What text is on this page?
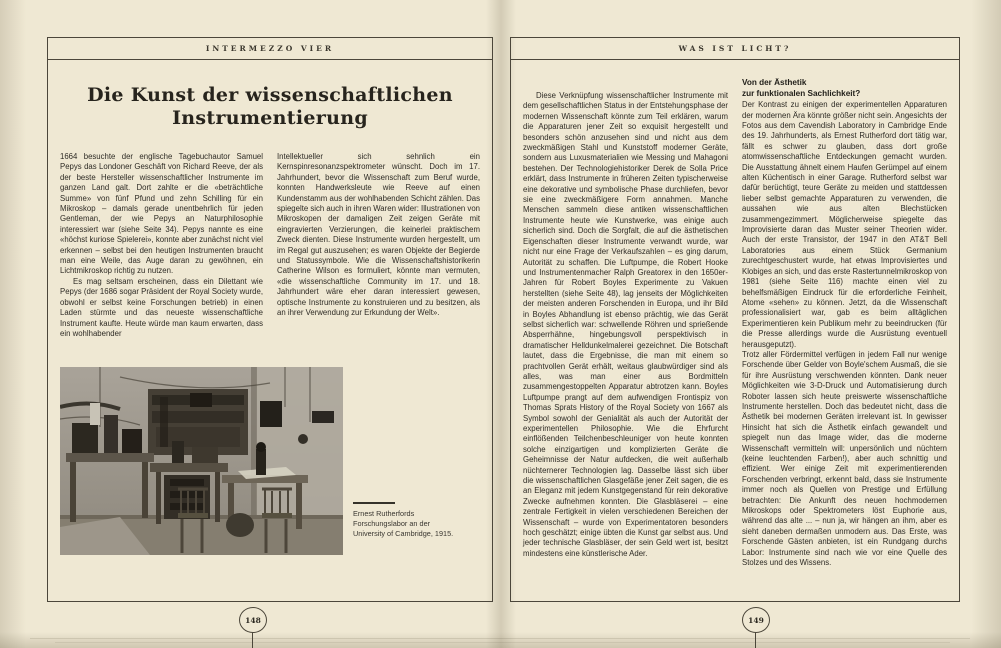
INTERMEZZO VIER
Die Kunst der wissenschaftlichen
Instrumentierung

1664 besuchte der englische Tagebuchautor Samuel Pepys das Londoner Geschäft von Richard Reeve, der als der beste Hersteller wissenschaftlicher Instrumente im ganzen Land galt. Dort zahlte er die «beträchtliche Summe» von fünf Pfund und zehn Schilling für ein Mikroskop – damals gerade unentbehrlich für jeden Gentleman, der wie Pepys an Naturphilosophie interessiert war (siehe Seite 34). Pepys nannte es eine «höchst kuriose Spielerei», konnte aber zunächst nicht viel erkennen – selbst bei den heutigen Instrumenten braucht man eine Weile, das Auge daran zu gewöhnen, ein Lichtmikroskop richtig zu nutzen.

Es mag seltsam erscheinen, dass ein Dilettant wie Pepys (der 1686 sogar Präsident der Royal Society wurde, obwohl er selbst keine Forschungen betrieb) in einen Laden stürmte und das neueste wissenschaftliche Instrument kaufte. Heute würde man kaum erwarten, dass ein wohlhabender

Intellektueller sich sehnlich ein Kernspinresonanzspektrometer wünscht. Doch im 17. Jahrhundert, bevor die Wissenschaft zum Beruf wurde, konnten Handwerksleute wie Reeve auf einen Kundenstamm aus der wohlhabenden Schicht zählen. Das spiegelte sich auch in ihren Waren wider: Illustrationen von Mikroskopen der damaligen Zeit zeigen Geräte mit eingravierten Verzierungen, die keinerlei praktischem Zweck dienten. Diese Instrumente wurden hergestellt, um im Regal gut auszusehen; es waren Objekte der Begierde und Statussymbole. Wie die Wissenschaftshistorikerin Catherine Wilson es formuliert, könnte man vermuten, «die wissenschaftliche Community im 17. und 18. Jahrhundert wäre eher daran interessiert gewesen, optische Instrumente zu konstruieren und zu besitzen, als an ihrer Verwendung zur Erkundung der Welt».

Ernest Rutherfords Forschungslabor an der University of Cambridge, 1915.
WAS IST LICHT?

Diese Verknüpfung wissenschaftlicher Instrumente mit dem gesellschaftlichen Status in der Entstehungsphase der modernen Wissenschaft könnte zum Teil erklären, warum die Apparaturen jener Zeit so exquisit hergestellt und besonders schön anzusehen sind und nicht aus dem zweckmäßigen Stahl und Kunststoff moderner Geräte, sondern aus Luxusmaterialien wie Messing und Mahagoni bestehen. Der Technologiehistoriker Derek de Solla Price erklärt, dass Instrumente in früheren Zeiten typischerweise eine dekorative und symbolische Phase durchliefen, bevor sie eine zweckmäßigere Form annahmen. Manche Menschen sammeln diese antiken wissenschaftlichen Instrumente heute wie Kunstwerke, was einige auch sicherlich sind. Doch die Sorgfalt, die auf die ästhetischen Eigenschaften dieser Instrumente verwandt wurde, war nicht nur eine Frage der Verkaufszahlen – es ging darum, Autorität zu schaffen. Die Luftpumpe, die Robert Hooke und Instrumentenmacher Ralph Greatorex in den 1650er-Jahren für Robert Boyles Experimente zu Vakuen herstellten (siehe Seite 48), lag jenseits der Möglichkeiten der meisten anderen Forschenden in Europa, und ihr Bild in Boyles Abhandlung ist ebenso prächtig, wie das Gerät selbst sicherlich war: schwellende Röhren und sprießende Absperrhähne, hingebungsvoll perspektivisch in dramatischer Helldunkelmalerei gezeichnet. Die Botschaft lautet, dass die Ergebnisse, die man mit einem so prachtvollen Gerät erhält, weitaus glaubwürdiger sind als alles, was man einer aus Bordmitteln zusammengestoppelten Apparatur abtrotzen kann. Boyles Luftpumpe prangt auf dem aufwendigen Frontispiz von Thomas Sprats History of the Royal Society von 1667 als Symbol sowohl der Genialität als auch der Autorität der experimentellen Philosophie. Wie die Ehrfurcht einflößenden Teilchenbeschleuniger von heute konnten solche einzigartigen und komplizierten Geräte die Geheimnisse der Natur aufdecken, die weit außerhalb nüchternerer Technologien lag. Dasselbe lässt sich über die wissenschaftlichen Glasgefäße jener Zeit sagen, die es an Eleganz mit jedem Kunstgegenstand für rein dekorative Zwecke aufnehmen konnten. Die Glasbläserei – eine zentrale Fertigkeit in vielen verschiedenen Bereichen der Wissenschaft – wurde von Experimentatoren besonders hoch geschätzt; einige übten die Kunst gar selbst aus. Und jeder technische Glasbläser, der sein Geld wert ist, besitzt mindestens eine künstlerische Ader.

Von der Ästhetik
zur funktionalen Sachlichkeit?

Der Kontrast zu einigen der experimentellen Apparaturen der modernen Ära könnte größer nicht sein. Angesichts der Fotos aus dem Cavendish Laboratory in Cambridge Ende des 19. Jahrhunderts, als Ernest Rutherford dort tätig war, fällt es schwer zu glauben, dass dort große atomwissenschaftliche Entdeckungen gemacht wurden. Die Ausstattung ähnelt einem Haufen Gerümpel auf einem alten Küchentisch in einer Garage. Rutherford selbst war dafür berüchtigt, teure Geräte zu meiden und stattdessen lieber selbst gemachte Apparaturen zu verwenden, die aussahen wie aus alten Blechstücken zusammengezimmert. Möglicherweise spiegelte das Improvisierte daran das Muster seiner Theorien wider. Auch der erste Transistor, der 1947 in den AT&T Bell Laboratories aus einem Stück Germanium zurechtgeschustert wurde, hat etwas Improvisiertes und Klobiges an sich, und das erste Rastertunnelmikroskop von 1981 (siehe Seite 116) machte einen viel zu behelfsmäßigen Eindruck für die erforderliche Feinheit, Atome «sehen» zu können. Jetzt, da die Wissenschaft professionalisiert war, gab es beim alltäglichen Experimentieren kein Publikum mehr zu beeindrucken (für die Presse allerdings wurde die Ausrüstung eventuell herausgeputzt).

Trotz aller Fördermittel verfügen in jedem Fall nur wenige Forschende über Gelder von Boyle'schem Ausmaß, die sie für ihre Ausrüstung verschwenden könnten. Dank neuer Möglichkeiten wie 3-D-Druck und Automatisierung durch Roboter lassen sich heute preiswerte wissenschaftliche Instrumente herstellen. Doch das bedeutet nicht, dass die Ästhetik bei modernen Geräten irrelevant ist. In gewisser Hinsicht hat sich die Ästhetik einfach gewandelt und spiegelt nun das Image wider, das die moderne Wissenschaft vermitteln will: unpersönlich und nüchtern (keine leuchtenden Farben!), aber auch schnittig und effizient. Wer einige Zeit mit experimentierenden Forschenden verbringt, erkennt bald, dass sie Instrumente immer noch als Quellen von Prestige und Erfüllung betrachten: Die Ankunft des neuen hochmodernen Mikroskops oder Spektrometers löst Euphorie aus, während das alte ... – nun ja, wir hängen an ihm, aber es sieht daneben dermaßen unmodern aus. Das Erste, was Forschende Gästen anbieten, ist ein Rundgang durchs Labor: Instrumente sind nach wie vor eine Quelle des Stolzes und des Wissens.

148	149
